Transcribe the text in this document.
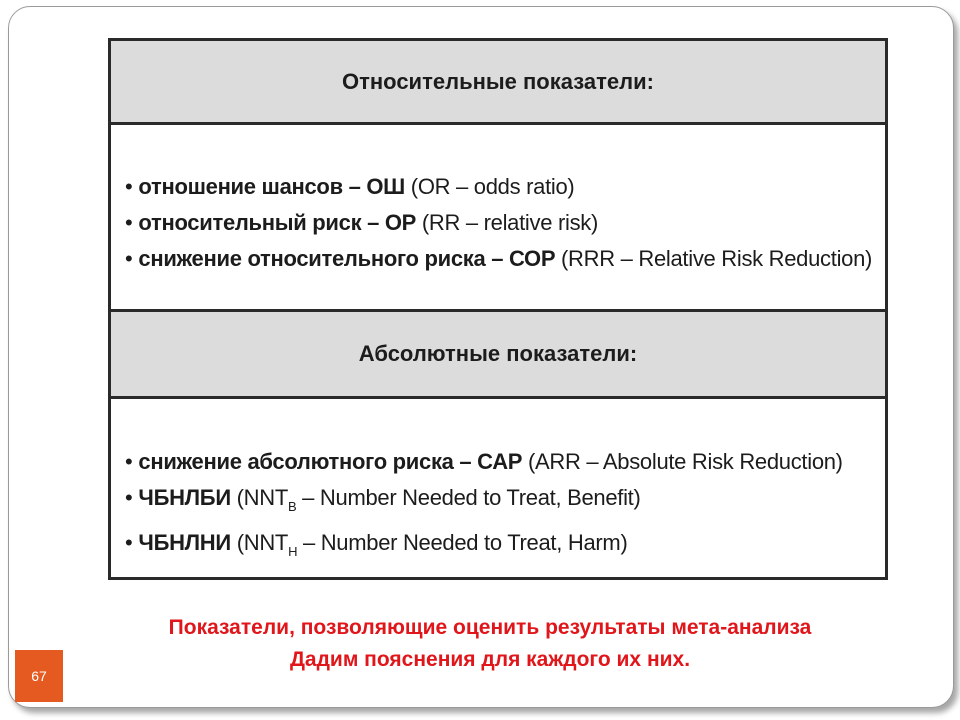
Относительные показатели:
• отношение шансов – ОШ (OR – odds ratio)
• относительный риск – ОР (RR – relative risk)
• снижение относительного риска – СОР (RRR – Relative Risk Reduction)
Абсолютные показатели:
• снижение абсолютного риска – САР (ARR – Absolute Risk Reduction)
• ЧБНЛБИ ($NNT_B$ – Number Needed to Treat, Benefit)
• ЧБНЛНИ ($NNT_H$ – Number Needed to Treat, Harm)
Показатели, позволяющие оценить результаты мета-анализа
Дадим пояснения для каждого их них.
67
